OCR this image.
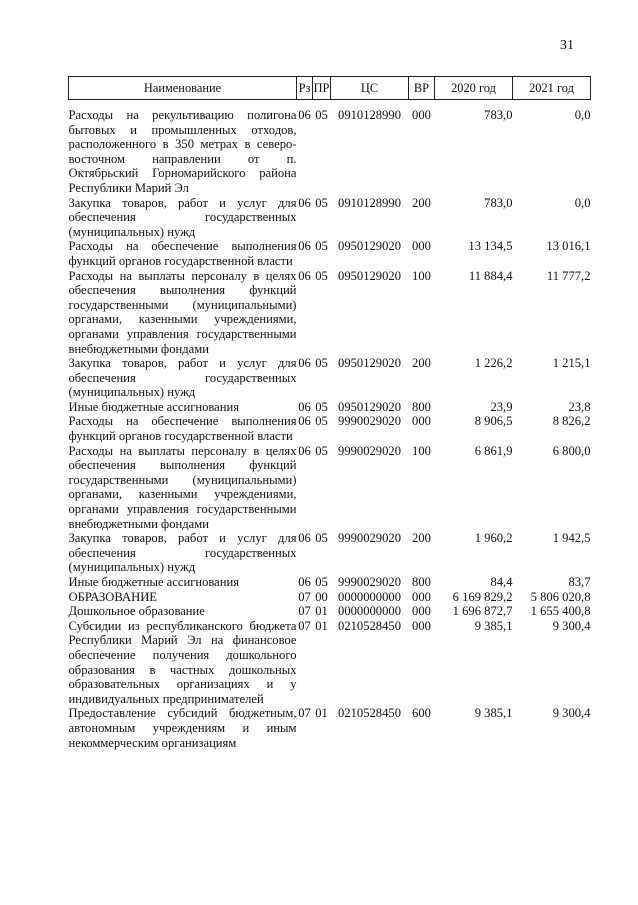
31
Наименование	Рз	ПР	ЦС	ВР	2020 год	2021 год

Расходы на рекультивацию полигона бытовых и промышленных отходов, расположенного в 350 метрах в северо-восточном направлении от п. Октябрьский Горномарийского района Республики Марий Эл	06	05	0910128990	000	783,0	0,0
Закупка товаров, работ и услуг для обеспечения государственных (муниципальных) нужд	06	05	0910128990	200	783,0	0,0
Расходы на обеспечение выполнения функций органов государственной власти	06	05	0950129020	000	13 134,5	13 016,1
Расходы на выплаты персоналу в целях обеспечения выполнения функций государственными (муниципальными) органами, казенными учреждениями, органами управления государственными внебюджетными фондами	06	05	0950129020	100	11 884,4	11 777,2
Закупка товаров, работ и услуг для обеспечения государственных (муниципальных) нужд	06	05	0950129020	200	1 226,2	1 215,1
Иные бюджетные ассигнования	06	05	0950129020	800	23,9	23,8
Расходы на обеспечение выполнения функций органов государственной власти	06	05	9990029020	000	8 906,5	8 826,2
Расходы на выплаты персоналу в целях обеспечения выполнения функций государственными (муниципальными) органами, казенными учреждениями, органами управления государственными внебюджетными фондами	06	05	9990029020	100	6 861,9	6 800,0
Закупка товаров, работ и услуг для обеспечения государственных (муниципальных) нужд	06	05	9990029020	200	1 960,2	1 942,5
Иные бюджетные ассигнования	06	05	9990029020	800	84,4	83,7
ОБРАЗОВАНИЕ	07	00	0000000000	000	6 169 829,2	5 806 020,8
Дошкольное образование	07	01	0000000000	000	1 696 872,7	1 655 400,8
Субсидии из республиканского бюджета Республики Марий Эл на финансовое обеспечение получения дошкольного образования в частных дошкольных образовательных организациях и у индивидуальных предпринимателей	07	01	0210528450	000	9 385,1	9 300,4
Предоставление субсидий бюджетным, автономным учреждениям и иным некоммерческим организациям	07	01	0210528450	600	9 385,1	9 300,4
